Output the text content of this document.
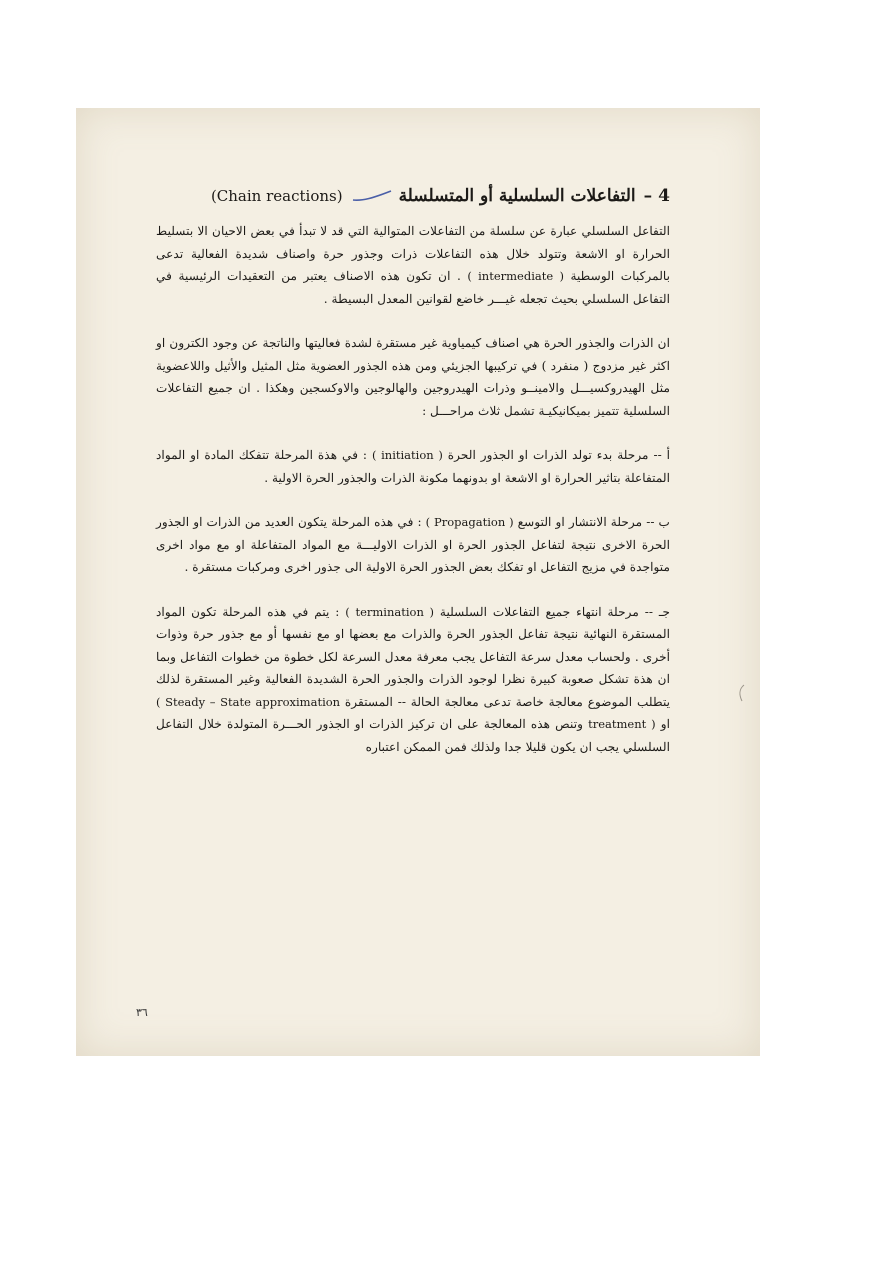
4
–
التفاعلات السلسلية أو المتسلسلة
(Chain reactions)

التفاعل السلسلي عبارة عن سلسلة من التفاعلات المتوالية التي قد لا تبدأ في بعض الاحيان الا بتسليط الحرارة او الاشعة وتتولد خلال هذه التفاعلات ذرات وجذور حرة واصناف شديدة الفعالية تدعى بالمركبات الوسطية ( intermediate ) . ان تكون هذه الاصناف يعتبر من التعقيدات الرئيسية في التفاعل السلسلي بحيث تجعله غيـــر خاضع لقوانين المعدل البسيطة .

ان الذرات والجذور الحرة هي اصناف كيمياوية غير مستقرة لشدة فعاليتها والناتجة عن وجود الكترون او اكثر غير مزدوج ( منفرد ) في تركيبها الجزيئي ومن هذه الجذور العضوية مثل المثيل والأثيل واللاعضوية مثل الهيدروكسيـــل والامينــو وذرات الهيدروجين والهالوجين والاوكسجين وهكذا . ان جميع التفاعلات السلسلية تتميز بميكانيكيـة تشمل ثلاث مراحـــل :

أ -- مرحلة بدء تولد الذرات او الجذور الحرة ( initiation ) : في هذة المرحلة تتفكك المادة او المواد المتفاعلة بتاثير الحرارة او الاشعة او بدونهما مكونة الذرات والجذور الحرة الاولية .

ب -- مرحلة الانتشار او التوسع ( Propagation ) : في هذه المرحلة يتكون العديد من الذرات او الجذور الحرة الاخرى نتيجة لتفاعل الجذور الحرة او الذرات الاوليـــة مع المواد المتفاعلة او مع مواد اخرى متواجدة في مزيج التفاعل او تفكك بعض الجذور الحرة الاولية الى جذور اخرى ومركبات مستقرة .

جـ -- مرحلة انتهاء جميع التفاعلات السلسلية ( termination ) : يتم في هذه المرحلة تكون المواد المستقرة النهائية نتيجة تفاعل الجذور الحرة والذرات مع بعضها او مع نفسها أو مع جذور حرة وذوات أخرى . ولحساب معدل سرعة التفاعل يجب معرفة معدل السرعة لكل خطوة من خطوات التفاعل وبما ان هذة تشكل صعوبة كبيرة نظرا لوجود الذرات والجذور الحرة الشديدة الفعالية وغير المستقرة لذلك يتطلب الموضوع معالجة خاصة تدعى معالجة الحالة -- المستقرة ( Steady – State approximation او treatment ) وتنص هذه المعالجة على ان تركيز الذرات او الجذور الحـــرة المتولدة خلال التفاعل السلسلي يجب ان يكون قليلا جدا ولذلك فمن الممكن اعتباره

٣٦
